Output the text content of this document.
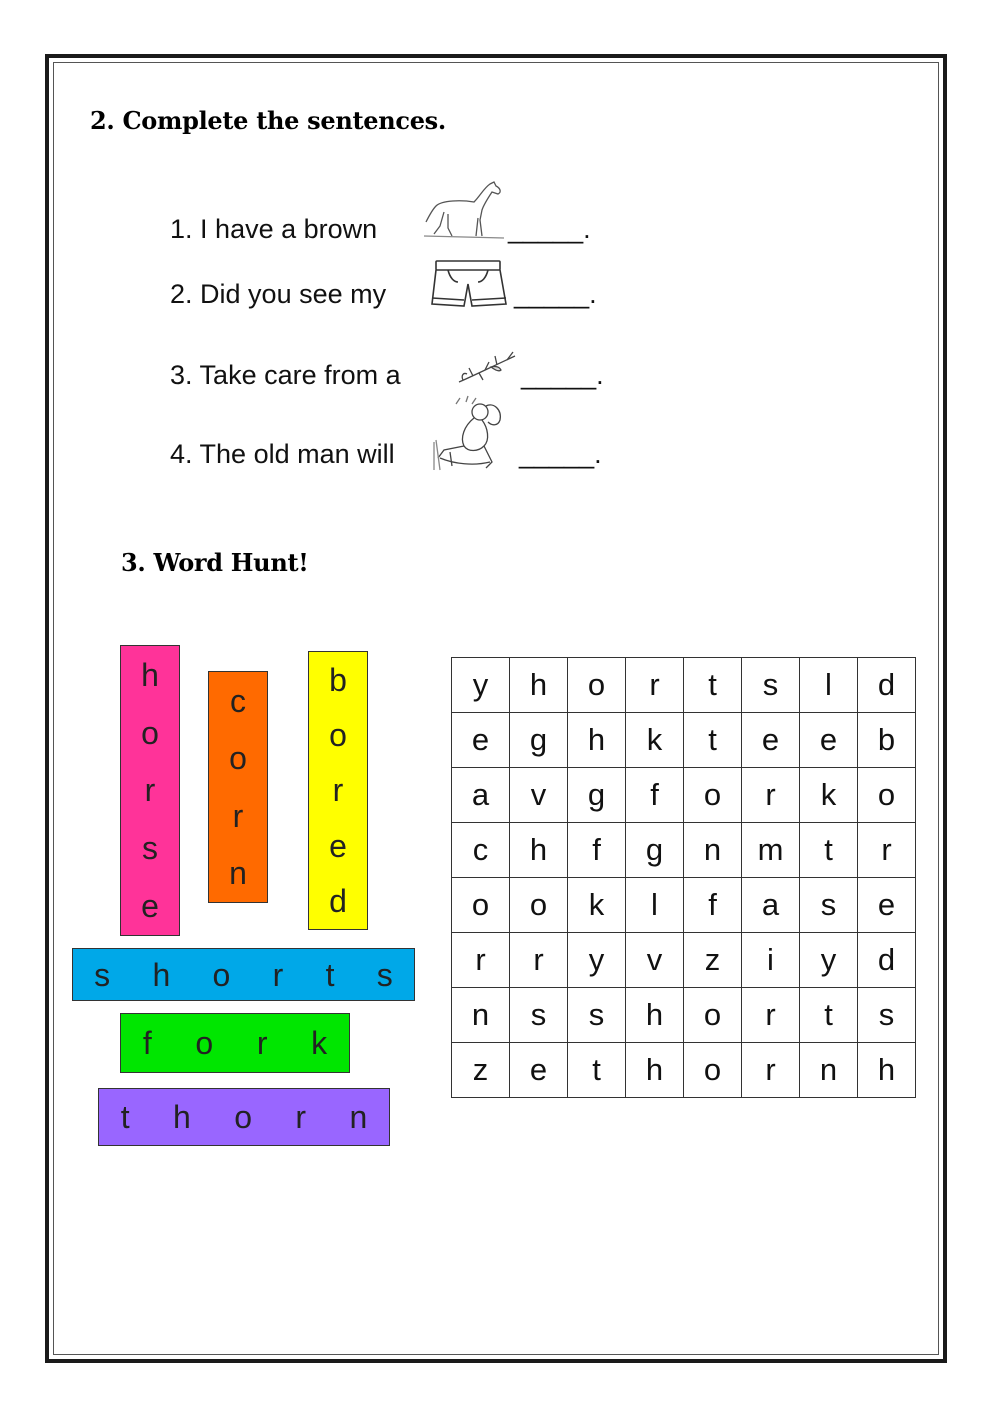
2. Complete the sentences.
1. I have a brown	_____.
2. Did you see my	_____.
3. Take care from a	_____.
4. The old man will	_____.
3. Word Hunt!
h
o
r
s
e
c
o
r
n
b
o
r
e
d
s h o r t s
f o r k
t h o r n
y	h	o	r	t	s	l	d
e	g	h	k	t	e	e	b
a	v	g	f	o	r	k	o
c	h	f	g	n	m	t	r
o	o	k	l	f	a	s	e
r	r	y	v	z	i	y	d
n	s	s	h	o	r	t	s
z	e	t	h	o	r	n	h
